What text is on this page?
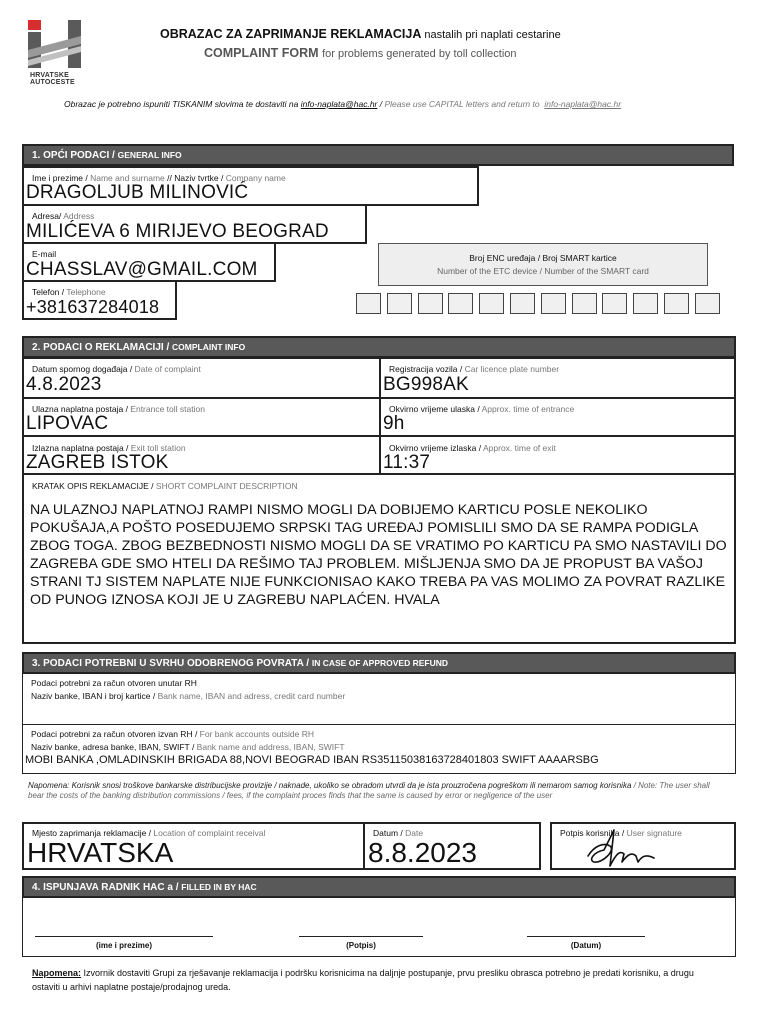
HRVATSKE
AUTOCESTE
OBRAZAC ZA ZAPRIMANJE REKLAMACIJA nastalih pri naplati cestarine
COMPLAINT FORM for problems generated by toll collection
Obrazac je potrebno ispuniti TISKANIM slovima te dostaviti na info-naplata@hac.hr / Please use CAPITAL letters and return to info-naplata@hac.hr
1. OPĆI PODACI / GENERAL INFO
Ime i prezime / Name and surname // Naziv tvrtke / Company name
DRAGOLJUB MILINOVIĆ
Adresa/ Address
MILIĆEVA 6 MIRIJEVO BEOGRAD
E-mail
CHASSLAV@GMAIL.COM
Telefon / Telephone
+381637284018
Broj ENC uređaja / Broj SMART kartice
Number of the ETC device / Number of the SMART card
2. PODACI O REKLAMACIJI / COMPLAINT INFO
Datum spornog događaja / Date of complaint
4.8.2023
Registracija vozila / Car licence plate number
BG998AK
Ulazna naplatna postaja / Entrance toll station
LIPOVAC
Okvirno vrijeme ulaska / Approx. time of entrance
9h
Izlazna naplatna postaja / Exit toll station
ZAGREB ISTOK
Okvirno vrijeme izlaska / Approx. time of exit
11:37
KRATAK OPIS REKLAMACIJE / SHORT COMPLAINT DESCRIPTION
NA ULAZNOJ NAPLATNOJ RAMPI NISMO MOGLI DA DOBIJEMO KARTICU POSLE NEKOLIKO POKUŠAJA,A POŠTO POSEDUJEMO SRPSKI TAG UREĐAJ POMISLILI SMO DA SE RAMPA PODIGLA ZBOG TOGA. ZBOG BEZBEDNOSTI NISMO MOGLI DA SE VRATIMO PO KARTICU PA SMO NASTAVILI DO ZAGREBA GDE SMO HTELI DA REŠIMO TAJ PROBLEM. MIŠLJENJA SMO DA JE PROPUST BA VAŠOJ STRANI TJ SISTEM NAPLATE NIJE FUNKCIONISAO KAKO TREBA PA VAS MOLIMO ZA POVRAT RAZLIKE OD PUNOG IZNOSA KOJI JE U ZAGREBU NAPLAĆEN. HVALA
3. PODACI POTREBNI U SVRHU ODOBRENOG POVRATA / IN CASE OF APPROVED REFUND
Podaci potrebni za račun otvoren unutar RH
Naziv banke, IBAN i broj kartice / Bank name, IBAN and adress, credit card number
Podaci potrebni za račun otvoren izvan RH / For bank accounts outside RH
Naziv banke, adresa banke, IBAN, SWIFT / Bank name and address, IBAN, SWIFT
MOBI BANKA ,OMLADINSKIH BRIGADA 88,NOVI BEOGRAD IBAN RS35115038163728401803 SWIFT AAAARSBG
Napomena: Korisnik snosi troškove bankarske distribucijske provizije / naknade, ukoliko se obradom utvrdi da je ista prouzročena pogreškom ili nemarom samog korisnika / Note: The user shall bear the costs of the banking distribution commissions / fees, if the complaint proces finds that the same is caused by error or negligence of the user
Mjesto zaprimanja reklamacije / Location of complaint receival
HRVATSKA
Datum / Date
8.8.2023
Potpis korisnika / User signature
4. ISPUNJAVA RADNIK HAC a / FILLED IN BY HAC
(ime i prezime)	(Potpis)	(Datum)
Napomena: Izvornik dostaviti Grupi za rješavanje reklamacija i podršku korisnicima na daljnje postupanje, prvu presliku obrasca potrebno je predati korisniku, a drugu ostaviti u arhivi naplatne postaje/prodajnog ureda.
